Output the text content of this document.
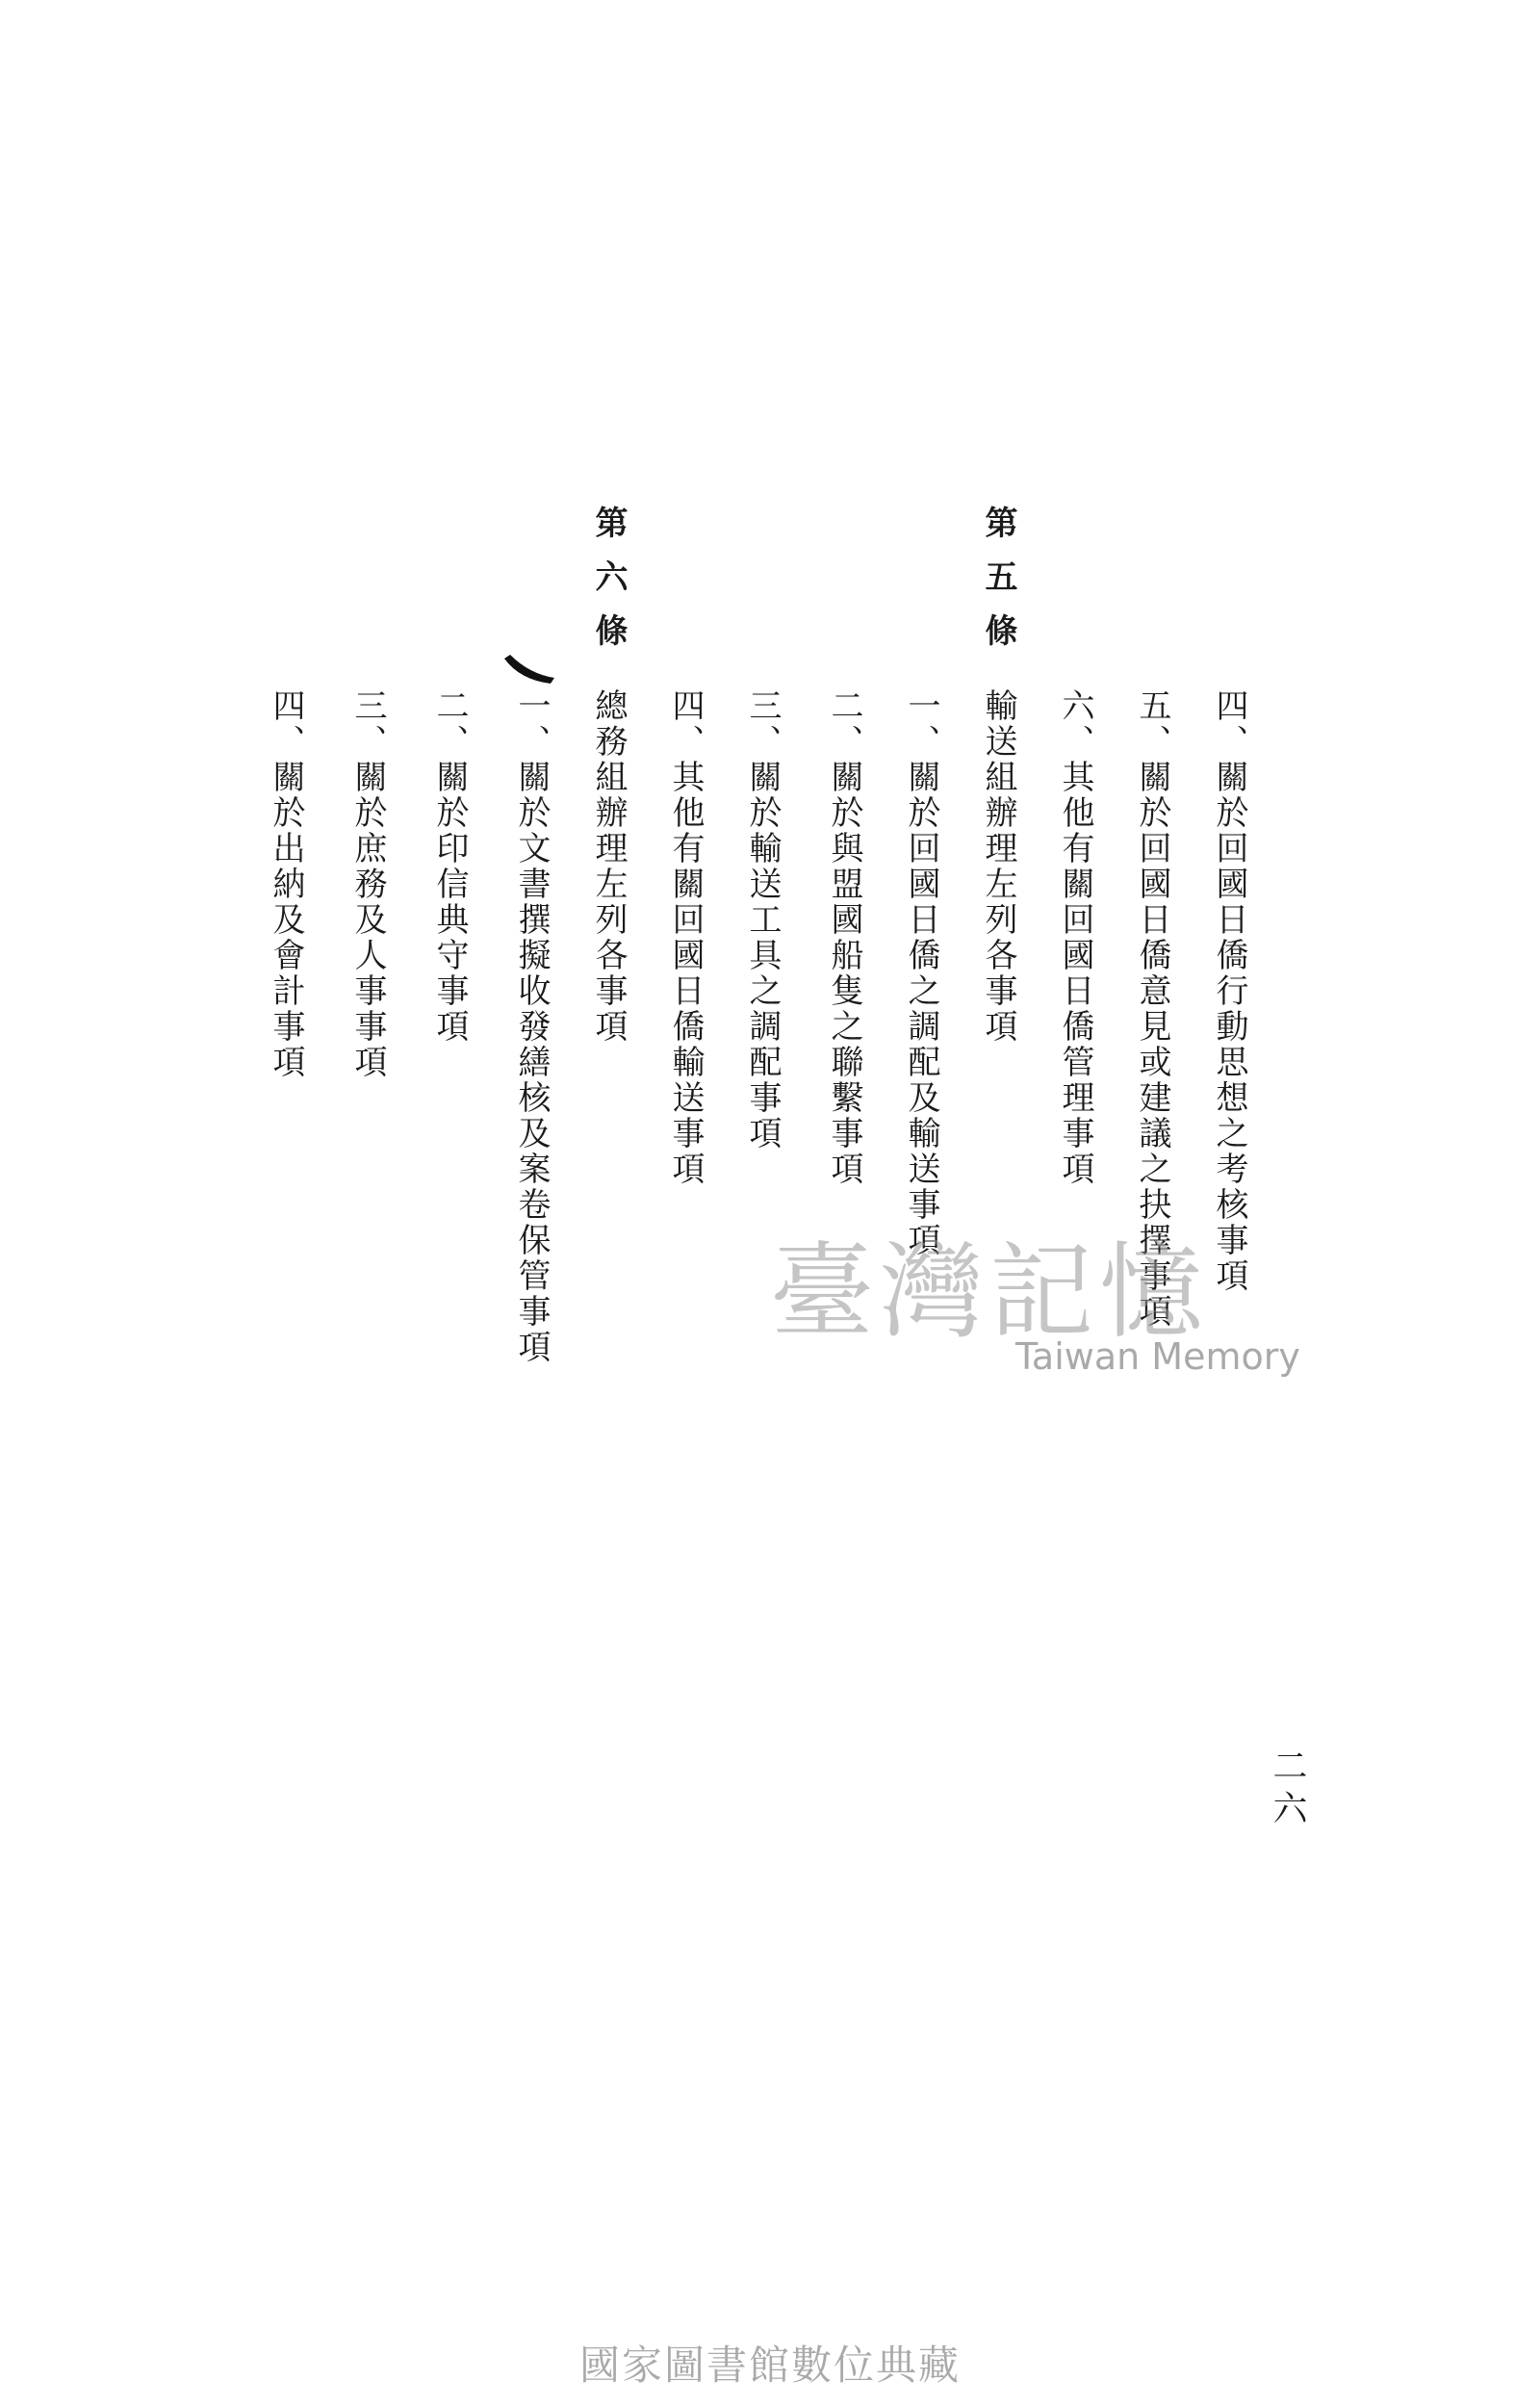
四、關於回國日僑行動思想之考核事項
五、關於回國日僑意見或建議之抉擇事項
六、其他有關回國日僑管理事項
第五條
輸送組辦理左列各事項
一、關於回國日僑之調配及輸送事項
二、關於與盟國船隻之聯繫事項
三、關於輸送工具之調配事項
四、其他有關回國日僑輸送事項
第六條
總務組辦理左列各事項
一、關於文書撰擬收發繕核及案卷保管事項
二、關於印信典守事項
三、關於庶務及人事事項
四、關於出納及會計事項
二六
臺灣記憶
Taiwan Memory
國家圖書館數位典藏
